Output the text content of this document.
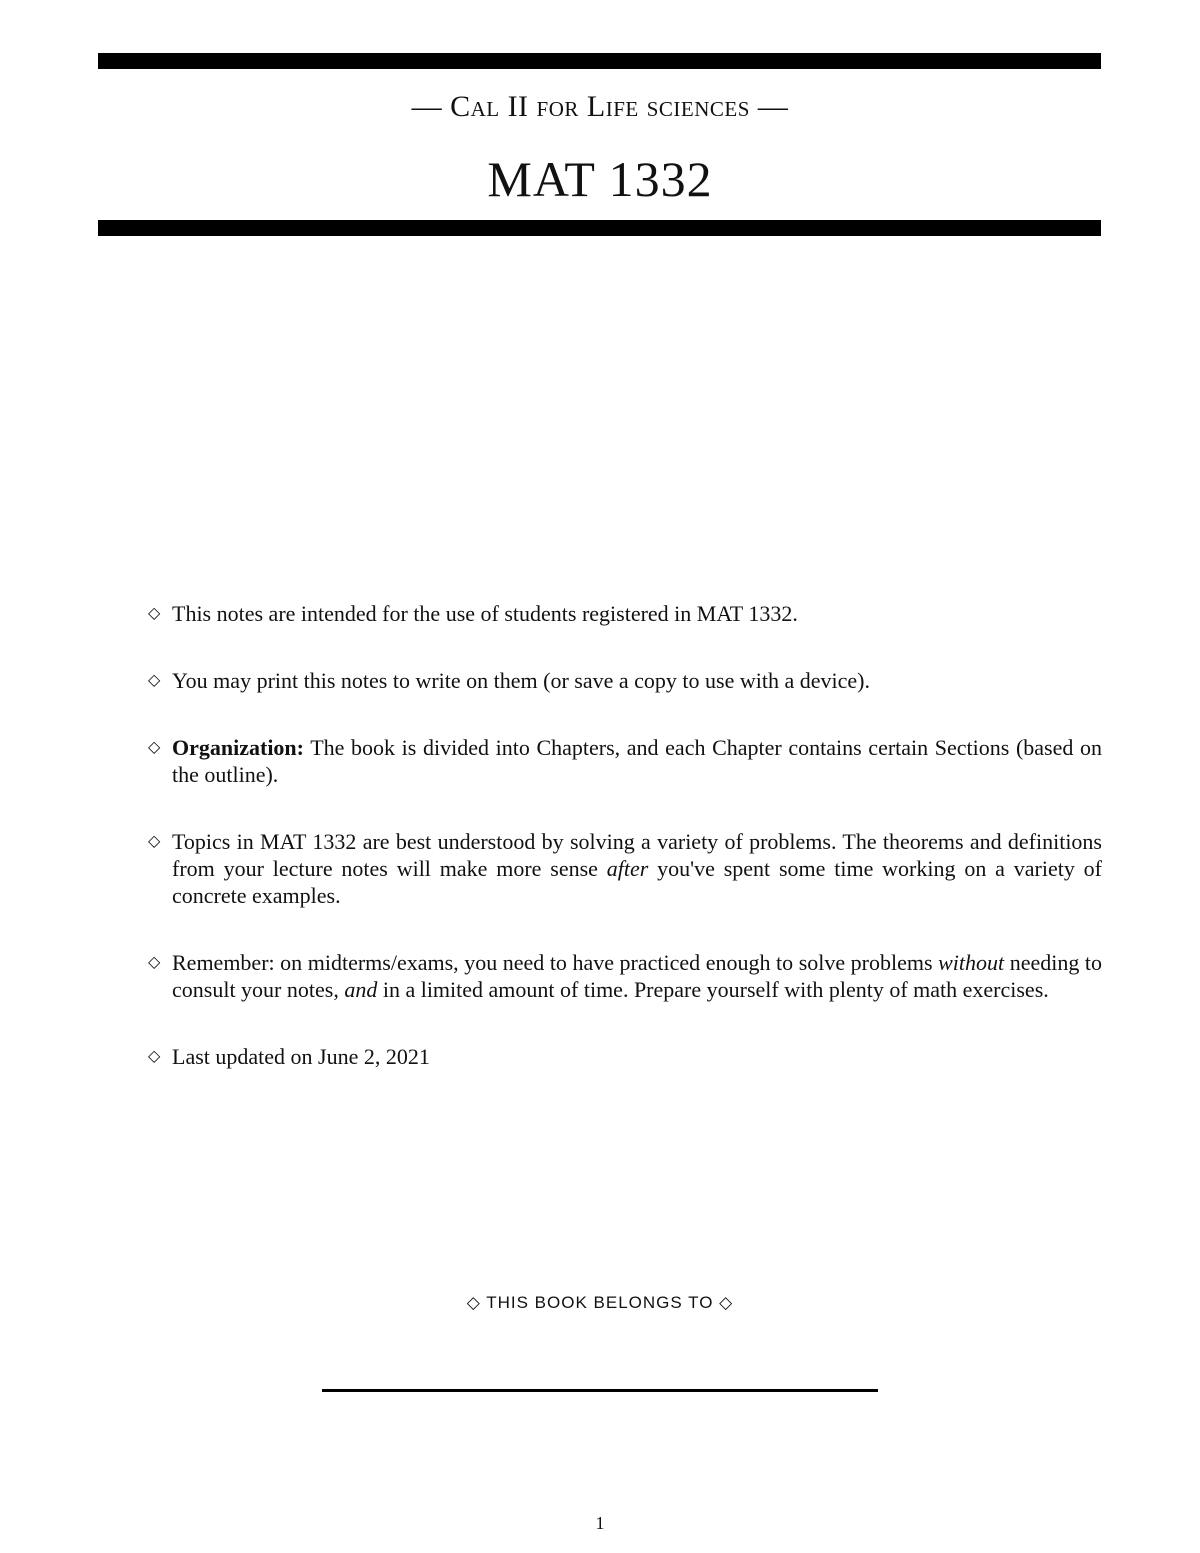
— Cal II for Life sciences —
MAT 1332
◇ This notes are intended for the use of students registered in MAT 1332.
◇ You may print this notes to write on them (or save a copy to use with a device).
◇ Organization: The book is divided into Chapters, and each Chapter contains certain Sections (based on the outline).
◇ Topics in MAT 1332 are best understood by solving a variety of problems. The theorems and definitions from your lecture notes will make more sense after you've spent some time working on a variety of concrete examples.
◇ Remember: on midterms/exams, you need to have practiced enough to solve problems without needing to consult your notes, and in a limited amount of time. Prepare yourself with plenty of math exercises.
◇ Last updated on June 2, 2021
◇ THIS BOOK BELONGS TO ◇
1
